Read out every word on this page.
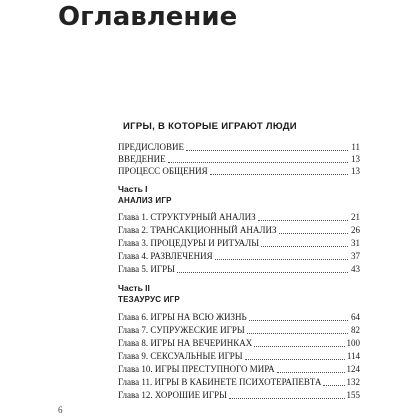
Оглавление
ИГРЫ, В КОТОРЫЕ ИГРАЮТ ЛЮДИ
ПРЕДИСЛОВИЕ	11
ВВЕДЕНИЕ	13
ПРОЦЕСС ОБЩЕНИЯ	13
Часть I
АНАЛИЗ ИГР
Глава 1. СТРУКТУРНЫЙ АНАЛИЗ	21
Глава 2. ТРАНСАКЦИОННЫЙ АНАЛИЗ	26
Глава 3. ПРОЦЕДУРЫ И РИТУАЛЫ	31
Глава 4. РАЗВЛЕЧЕНИЯ	37
Глава 5. ИГРЫ	43
Часть II
ТЕЗАУРУС ИГР
Глава 6. ИГРЫ НА ВСЮ ЖИЗНЬ	64
Глава 7. СУПРУЖЕСКИЕ ИГРЫ	82
Глава 8. ИГРЫ НА ВЕЧЕРИНКАХ	100
Глава 9. СЕКСУАЛЬНЫЕ ИГРЫ	114
Глава 10. ИГРЫ ПРЕСТУПНОГО МИРА	124
Глава 11. ИГРЫ В КАБИНЕТЕ ПСИХОТЕРАПЕВТА	132
Глава 12. ХОРОШИЕ ИГРЫ	155
6
